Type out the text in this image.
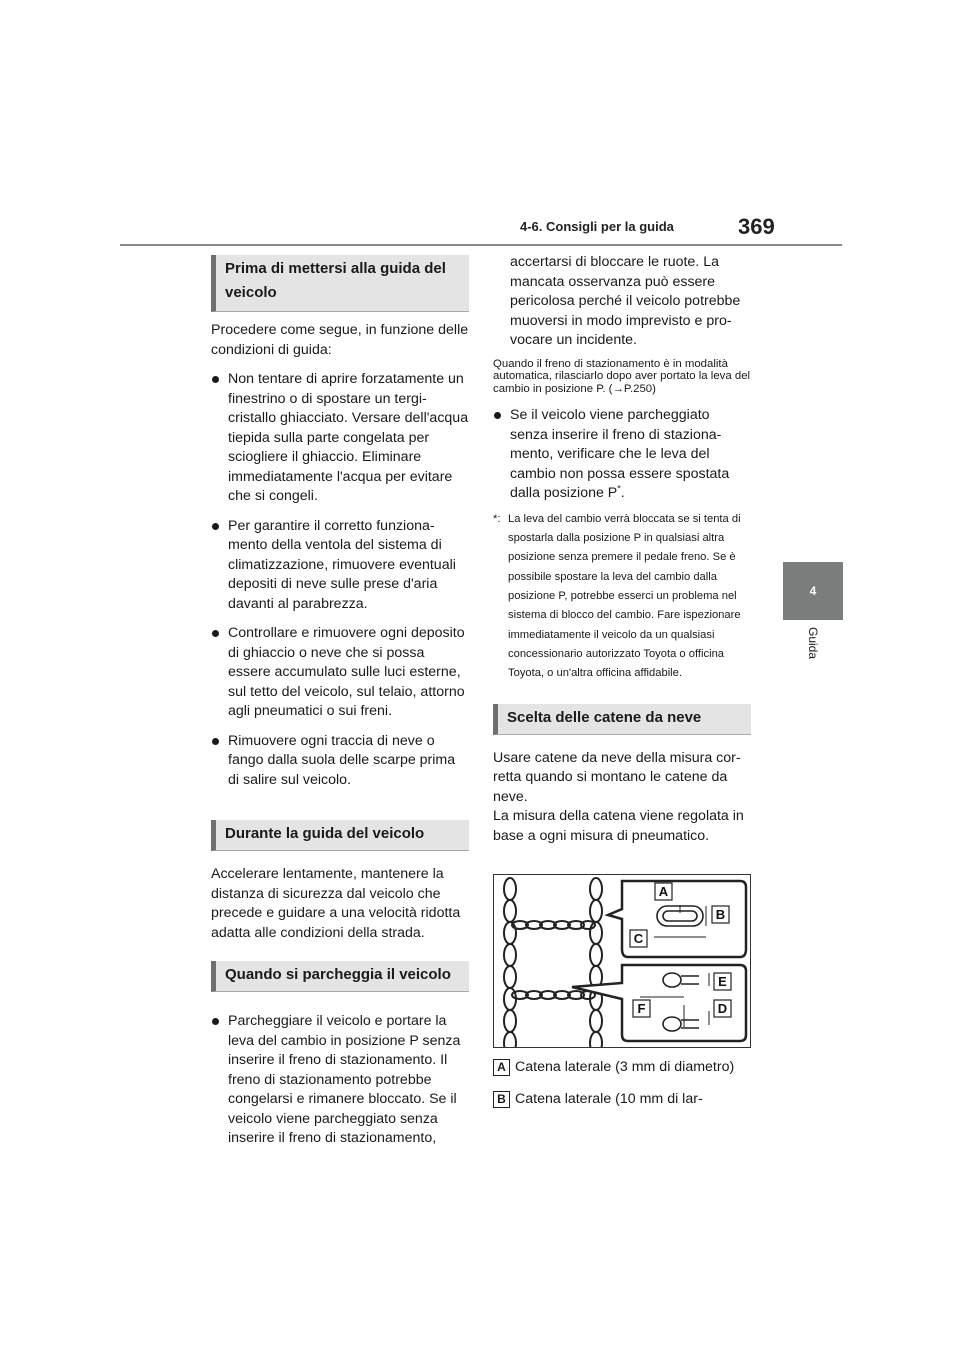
4-6. Consigli per la guida	369
4
Guida
Prima di mettersi alla guida del veicolo

Procedere come segue, in funzione delle condizioni di guida:

Non tentare di aprire forzatamente un finestrino o di spostare un tergicristallo ghiacciato. Versare dell'acqua tiepida sulla parte congelata per sciogliere il ghiaccio. Eliminare immediatamente l'acqua per evitare che si congeli.
Per garantire il corretto funzionamento della ventola del sistema di climatizzazione, rimuovere eventuali depositi di neve sulle prese d'aria davanti al parabrezza.
Controllare e rimuovere ogni deposito di ghiaccio o neve che si possa essere accumulato sulle luci esterne, sul tetto del veicolo, sul telaio, attorno agli pneumatici o sui freni.
Rimuovere ogni traccia di neve o fango dalla suola delle scarpe prima di salire sul veicolo.
Durante la guida del veicolo

Accelerare lentamente, mantenere la distanza di sicurezza dal veicolo che precede e guidare a una velocità ridotta adatta alle condizioni della strada.

Quando si parcheggia il veicolo
Parcheggiare il veicolo e portare la leva del cambio in posizione P senza inserire il freno di stazionamento. Il freno di stazionamento potrebbe congelarsi e rimanere bloccato. Se il veicolo viene parcheggiato senza inserire il freno di stazionamento,
accertarsi di bloccare le ruote. La mancata osservanza può essere pericolosa perché il veicolo potrebbe muoversi in modo imprevisto e provocare un incidente.

Quando il freno di stazionamento è in modalità automatica, rilasciarlo dopo aver portato la leva del cambio in posizione P. (→P.250)

Se il veicolo viene parcheggiato senza inserire il freno di stazionamento, verificare che le leva del cambio non possa essere spostata dalla posizione P*.
*: La leva del cambio verrà bloccata se si tenta di spostarla dalla posizione P in qualsiasi altra posizione senza premere il pedale freno. Se è possibile spostare la leva del cambio dalla posizione P, potrebbe esserci un problema nel sistema di blocco del cambio. Fare ispezionare immediatamente il veicolo da un qualsiasi concessionario autorizzato Toyota o officina Toyota, o un'altra officina affidabile.
Scelta delle catene da neve

Usare catene da neve della misura corretta quando si montano le catene da neve.

La misura della catena viene regolata in base a ogni misura di pneumatico.

A
B
C
D
E
F
A Catena laterale (3 mm di diametro)
B Catena laterale (10 mm di lar-
